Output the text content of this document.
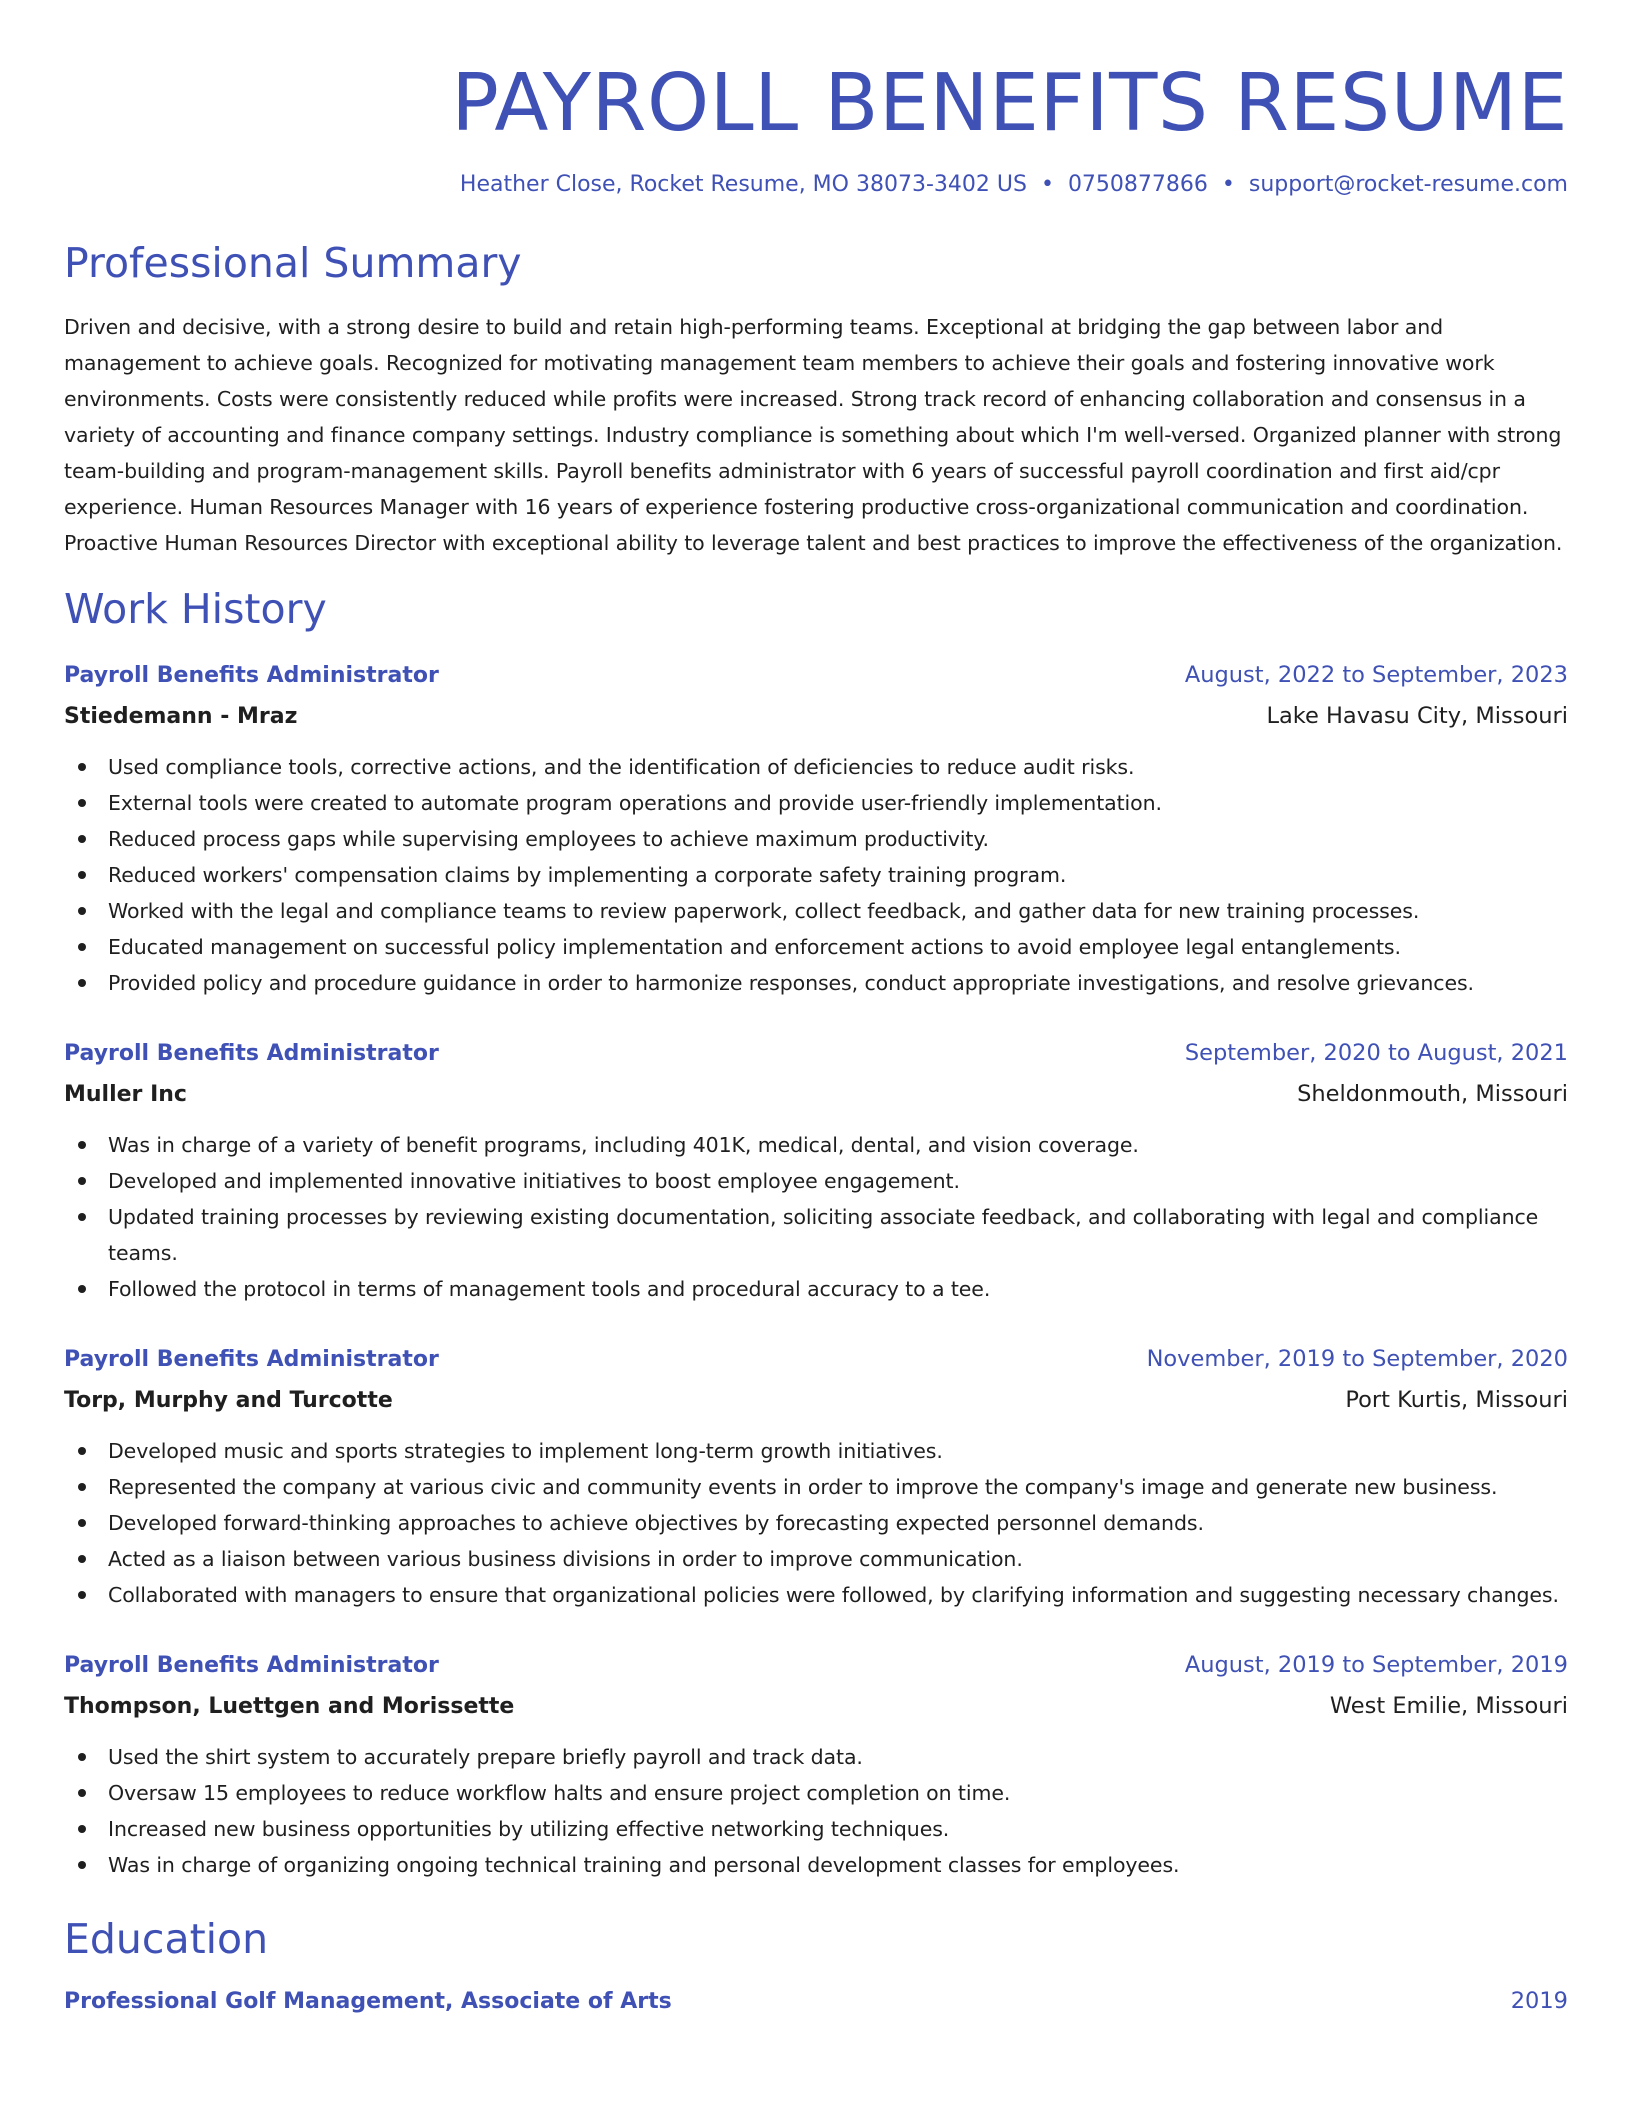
PAYROLL BENEFITS RESUME
Heather Close, Rocket Resume, MO 38073-3402 US • 0750877866 • support@rocket-resume.com
Professional Summary
Driven and decisive, with a strong desire to build and retain high-performing teams. Exceptional at bridging the gap between labor and management to achieve goals. Recognized for motivating management team members to achieve their goals and fostering innovative work environments. Costs were consistently reduced while profits were increased. Strong track record of enhancing collaboration and consensus in a variety of accounting and finance company settings. Industry compliance is something about which I'm well-versed. Organized planner with strong team-building and program-management skills. Payroll benefits administrator with 6 years of successful payroll coordination and first aid/cpr experience. Human Resources Manager with 16 years of experience fostering productive cross-organizational communication and coordination. Proactive Human Resources Director with exceptional ability to leverage talent and best practices to improve the effectiveness of the organization.
Work History
Payroll Benefits Administrator	August, 2022 to September, 2023
Stiedemann - Mraz	Lake Havasu City, Missouri
Used compliance tools, corrective actions, and the identification of deficiencies to reduce audit risks.
External tools were created to automate program operations and provide user-friendly implementation.
Reduced process gaps while supervising employees to achieve maximum productivity.
Reduced workers' compensation claims by implementing a corporate safety training program.
Worked with the legal and compliance teams to review paperwork, collect feedback, and gather data for new training processes.
Educated management on successful policy implementation and enforcement actions to avoid employee legal entanglements.
Provided policy and procedure guidance in order to harmonize responses, conduct appropriate investigations, and resolve grievances.
Payroll Benefits Administrator	September, 2020 to August, 2021
Muller Inc	Sheldonmouth, Missouri
Was in charge of a variety of benefit programs, including 401K, medical, dental, and vision coverage.
Developed and implemented innovative initiatives to boost employee engagement.
Updated training processes by reviewing existing documentation, soliciting associate feedback, and collaborating with legal and compliance teams.
Followed the protocol in terms of management tools and procedural accuracy to a tee.
Payroll Benefits Administrator	November, 2019 to September, 2020
Torp, Murphy and Turcotte	Port Kurtis, Missouri
Developed music and sports strategies to implement long-term growth initiatives.
Represented the company at various civic and community events in order to improve the company's image and generate new business.
Developed forward-thinking approaches to achieve objectives by forecasting expected personnel demands.
Acted as a liaison between various business divisions in order to improve communication.
Collaborated with managers to ensure that organizational policies were followed, by clarifying information and suggesting necessary changes.
Payroll Benefits Administrator	August, 2019 to September, 2019
Thompson, Luettgen and Morissette	West Emilie, Missouri
Used the shirt system to accurately prepare briefly payroll and track data.
Oversaw 15 employees to reduce workflow halts and ensure project completion on time.
Increased new business opportunities by utilizing effective networking techniques.
Was in charge of organizing ongoing technical training and personal development classes for employees.
Education
Professional Golf Management, Associate of Arts	2019
